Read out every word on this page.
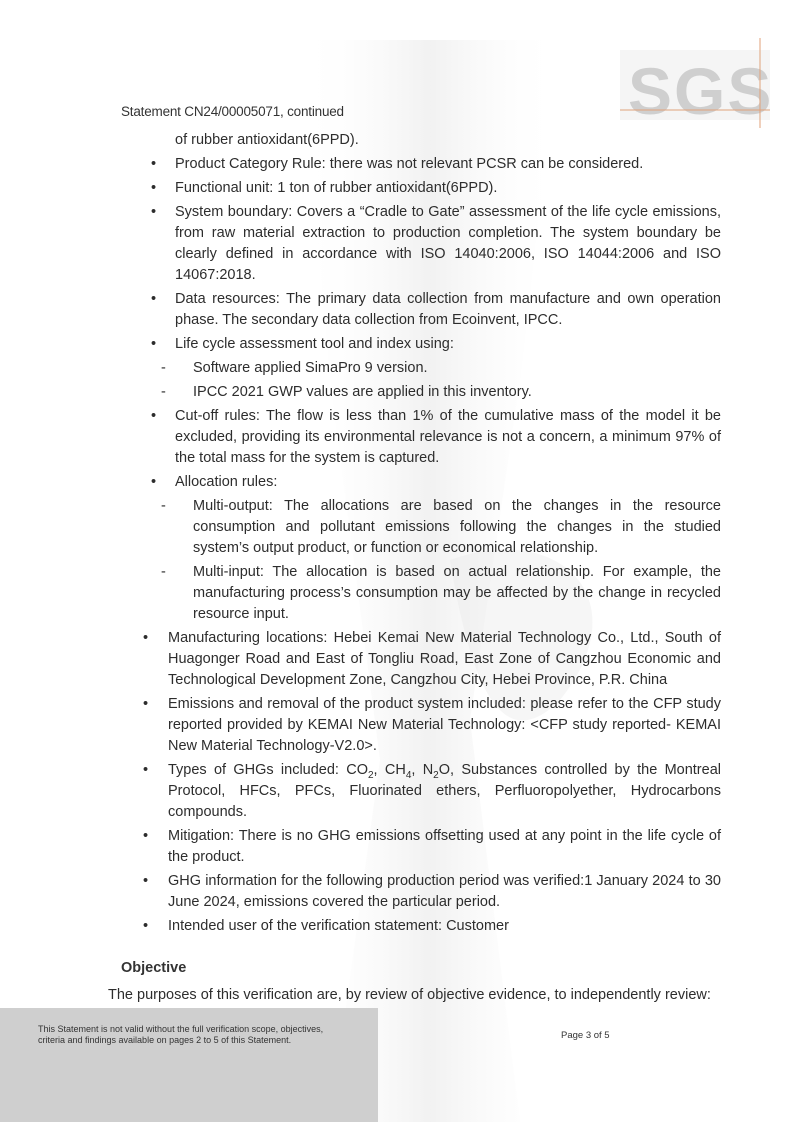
SGS
Statement CN24/00005071, continued
of rubber antioxidant(6PPD).
• Product Category Rule: there was not relevant PCSR can be considered.
• Functional unit: 1 ton of rubber antioxidant(6PPD).
• System boundary: Covers a “Cradle to Gate” assessment of the life cycle emissions, from raw material extraction to production completion. The system boundary be clearly defined in accordance with ISO 14040:2006, ISO 14044:2006 and ISO 14067:2018.
• Data resources: The primary data collection from manufacture and own operation phase. The secondary data collection from Ecoinvent, IPCC.
• Life cycle assessment tool and index using:
- Software applied SimaPro 9 version.
- IPCC 2021 GWP values are applied in this inventory.
• Cut-off rules: The flow is less than 1% of the cumulative mass of the model it be excluded, providing its environmental relevance is not a concern, a minimum 97% of the total mass for the system is captured.
• Allocation rules:
- Multi-output: The allocations are based on the changes in the resource consumption and pollutant emissions following the changes in the studied system’s output product, or function or economical relationship.
- Multi-input: The allocation is based on actual relationship. For example, the manufacturing process’s consumption may be affected by the change in recycled resource input.
• Manufacturing locations: Hebei Kemai New Material Technology Co., Ltd., South of Huagonger Road and East of Tongliu Road, East Zone of Cangzhou Economic and Technological Development Zone, Cangzhou City, Hebei Province, P.R. China
• Emissions and removal of the product system included: please refer to the CFP study reported provided by KEMAI New Material Technology: <CFP study reported- KEMAI New Material Technology-V2.0>.
• Types of GHGs included: $CO_2$, $CH_4$, $N_2O$, Substances controlled by the Montreal Protocol, HFCs, PFCs, Fluorinated ethers, Perfluoropolyether, Hydrocarbons compounds.
• Mitigation: There is no GHG emissions offsetting used at any point in the life cycle of the product.
• GHG information for the following production period was verified:1 January 2024 to 30 June 2024, emissions covered the particular period.
• Intended user of the verification statement: Customer
Objective
The purposes of this verification are, by review of objective evidence, to independently review:
This Statement is not valid without the full verification scope, objectives, criteria and findings available on pages 2 to 5 of this Statement.	Page 3 of 5
